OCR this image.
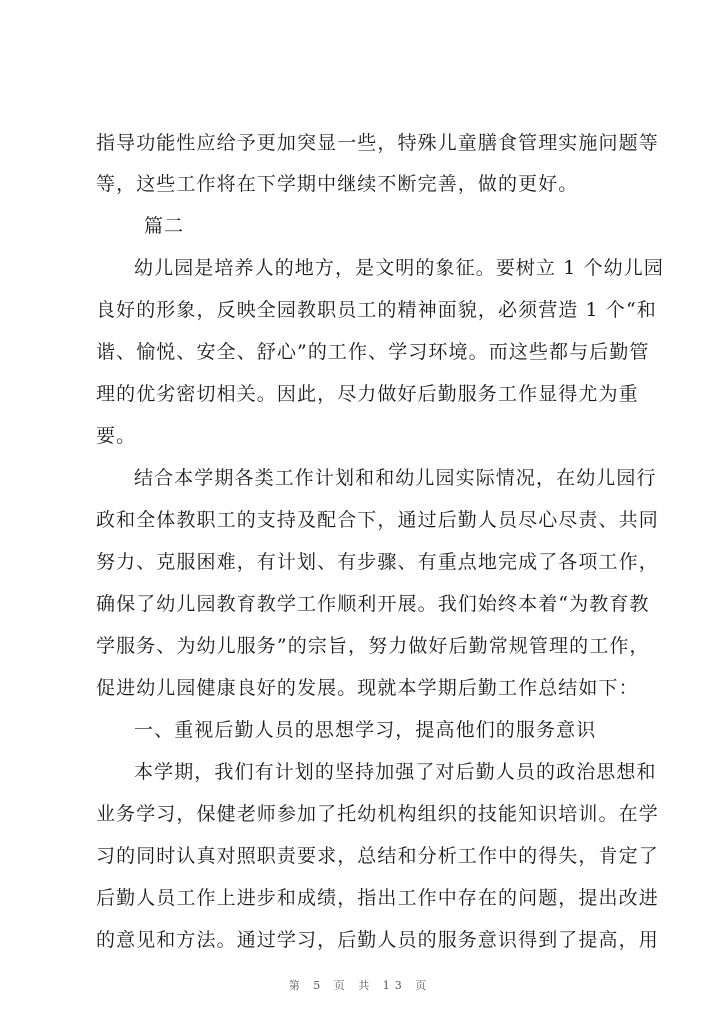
指导功能性应给予更加突显一些，特殊儿童膳食管理实施问题等
等，这些工作将在下学期中继续不断完善，做的更好。
篇二
幼儿园是培养人的地方，是文明的象征。要树立 1 个幼儿园
良好的形象，反映全园教职员工的精神面貌，必须营造 1 个“和
谐、愉悦、安全、舒心”的工作、学习环境。而这些都与后勤管
理的优劣密切相关。因此，尽力做好后勤服务工作显得尤为重
要。
结合本学期各类工作计划和和幼儿园实际情况，在幼儿园行
政和全体教职工的支持及配合下，通过后勤人员尽心尽责、共同
努力、克服困难，有计划、有步骤、有重点地完成了各项工作，
确保了幼儿园教育教学工作顺利开展。我们始终本着“为教育教
学服务、为幼儿服务”的宗旨，努力做好后勤常规管理的工作，
促进幼儿园健康良好的发展。现就本学期后勤工作总结如下：
一、重视后勤人员的思想学习，提高他们的服务意识
本学期，我们有计划的坚持加强了对后勤人员的政治思想和
业务学习，保健老师参加了托幼机构组织的技能知识培训。在学
习的同时认真对照职责要求，总结和分析工作中的得失，肯定了
后勤人员工作上进步和成绩，指出工作中存在的问题，提出改进
的意见和方法。通过学习，后勤人员的服务意识得到了提高，用
第 5 页 共 13 页
